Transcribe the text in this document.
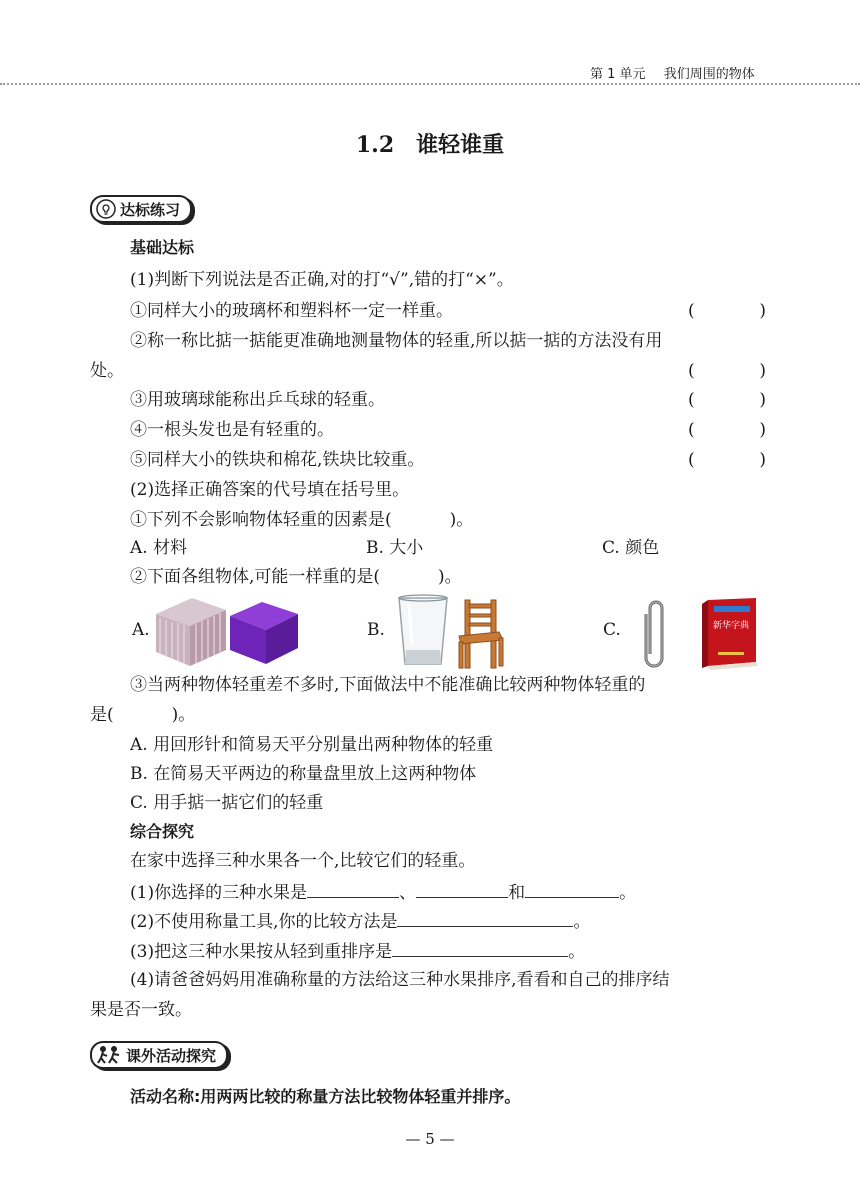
第 1 单元 我们周围的物体
1.2　谁轻谁重
达标练习
基础达标
(1)判断下列说法是否正确,对的打“√”,错的打“×”。
①同样大小的玻璃杯和塑料杯一定一样重。	(	)
②称一称比掂一掂能更准确地测量物体的轻重,所以掂一掂的方法没有用
处。	(	)
③用玻璃球能称出乒乓球的轻重。	(	)
④一根头发也是有轻重的。	(	)
⑤同样大小的铁块和棉花,铁块比较重。	(	)
(2)选择正确答案的代号填在括号里。
①下列不会影响物体轻重的因素是(	)。
A. 材料	B. 大小	C. 颜色
②下面各组物体,可能一样重的是(	)。
A.	B.	C.	新华字典
③当两种物体轻重差不多时,下面做法中不能准确比较两种物体轻重的
是(	)。
A. 用回形针和简易天平分别量出两种物体的轻重
B. 在简易天平两边的称量盘里放上这两种物体
C. 用手掂一掂它们的轻重
综合探究
在家中选择三种水果各一个,比较它们的轻重。
(1)你选择的三种水果是	、	和	。
(2)不使用称量工具,你的比较方法是	。
(3)把这三种水果按从轻到重排序是	。
(4)请爸爸妈妈用准确称量的方法给这三种水果排序,看看和自己的排序结
果是否一致。
课外活动探究
活动名称:用两两比较的称量方法比较物体轻重并排序。
— 5 —
